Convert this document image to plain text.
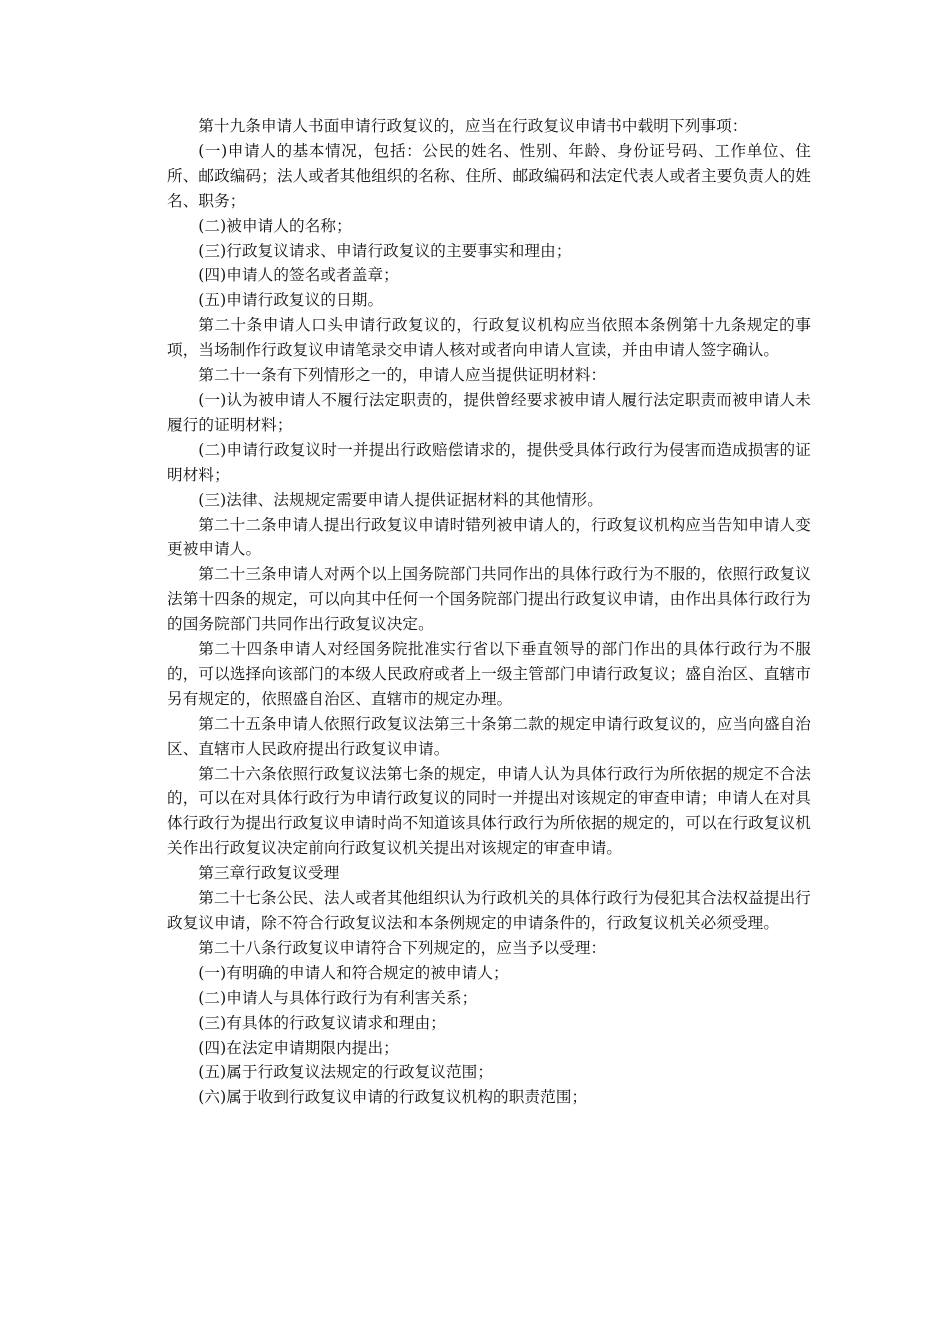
第十九条申请人书面申请行政复议的，应当在行政复议申请书中载明下列事项：

(一)申请人的基本情况，包括：公民的姓名、性别、年龄、身份证号码、工作单位、住所、邮政编码；法人或者其他组织的名称、住所、邮政编码和法定代表人或者主要负责人的姓名、职务；

(二)被申请人的名称；

(三)行政复议请求、申请行政复议的主要事实和理由；

(四)申请人的签名或者盖章；

(五)申请行政复议的日期。

第二十条申请人口头申请行政复议的，行政复议机构应当依照本条例第十九条规定的事项，当场制作行政复议申请笔录交申请人核对或者向申请人宣读，并由申请人签字确认。

第二十一条有下列情形之一的，申请人应当提供证明材料：

(一)认为被申请人不履行法定职责的，提供曾经要求被申请人履行法定职责而被申请人未履行的证明材料；

(二)申请行政复议时一并提出行政赔偿请求的，提供受具体行政行为侵害而造成损害的证明材料；

(三)法律、法规规定需要申请人提供证据材料的其他情形。

第二十二条申请人提出行政复议申请时错列被申请人的，行政复议机构应当告知申请人变更被申请人。

第二十三条申请人对两个以上国务院部门共同作出的具体行政行为不服的，依照行政复议法第十四条的规定，可以向其中任何一个国务院部门提出行政复议申请，由作出具体行政行为的国务院部门共同作出行政复议决定。

第二十四条申请人对经国务院批准实行省以下垂直领导的部门作出的具体行政行为不服的，可以选择向该部门的本级人民政府或者上一级主管部门申请行政复议；盛自治区、直辖市另有规定的，依照盛自治区、直辖市的规定办理。

第二十五条申请人依照行政复议法第三十条第二款的规定申请行政复议的，应当向盛自治区、直辖市人民政府提出行政复议申请。

第二十六条依照行政复议法第七条的规定，申请人认为具体行政行为所依据的规定不合法的，可以在对具体行政行为申请行政复议的同时一并提出对该规定的审查申请；申请人在对具体行政行为提出行政复议申请时尚不知道该具体行政行为所依据的规定的，可以在行政复议机关作出行政复议决定前向行政复议机关提出对该规定的审查申请。

第三章行政复议受理

第二十七条公民、法人或者其他组织认为行政机关的具体行政行为侵犯其合法权益提出行政复议申请，除不符合行政复议法和本条例规定的申请条件的，行政复议机关必须受理。

第二十八条行政复议申请符合下列规定的，应当予以受理：

(一)有明确的申请人和符合规定的被申请人；

(二)申请人与具体行政行为有利害关系；

(三)有具体的行政复议请求和理由；

(四)在法定申请期限内提出；

(五)属于行政复议法规定的行政复议范围；

(六)属于收到行政复议申请的行政复议机构的职责范围；
